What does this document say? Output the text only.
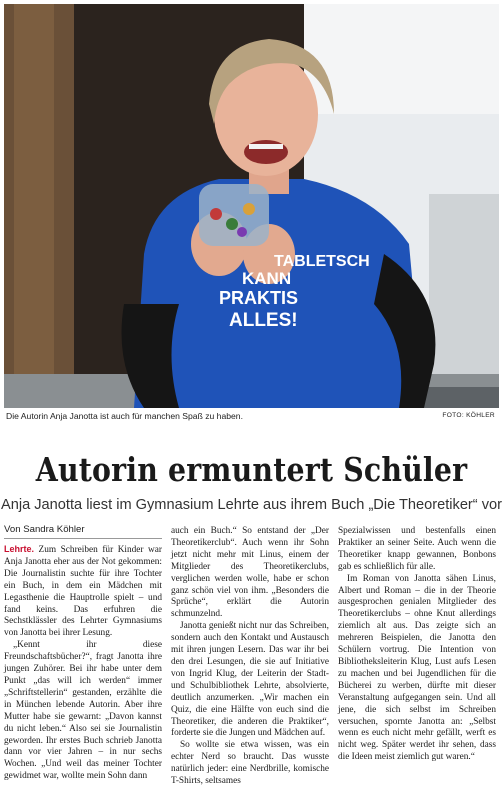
TABLETSCH
KANN
PRAKTIS
ALLES!
Die Autorin Anja Janotta ist auch für manchen Spaß zu haben.	FOTO: KÖHLER
Autorin ermuntert Schüler
Anja Janotta liest im Gymnasium Lehrte aus ihrem Buch „Die Theoretiker“ vor
Von Sandra Köhler

Lehrte. Zum Schreiben für Kinder war Anja Janotta eher aus der Not gekommen: Die Journalistin suchte für ihre Tochter ein Buch, in dem ein Mädchen mit Legasthenie die Hauptrolle spielt – und fand keins. Das erfuhren die Sechstklässler des Lehrter Gymnasiums von Janotta bei ihrer Lesung.

„Kennt ihr diese Freundschaftsbücher?“, fragt Janotta ihre jungen Zuhörer. Bei ihr habe unter dem Punkt „das will ich werden“ immer „Schriftstellerin“ gestanden, erzählte die in München lebende Autorin. Aber ihre Mutter habe sie gewarnt: „Davon kannst du nicht leben.“ Also sei sie Journalistin geworden. Ihr erstes Buch schrieb Janotta dann vor vier Jahren – in nur sechs Wochen. „Und weil das meiner Tochter gewidmet war, wollte mein Sohn dann

auch ein Buch.“ So entstand der „Der Theoretikerclub“. Auch wenn ihr Sohn jetzt nicht mehr mit Linus, einem der Mitglieder des Theoretikerclubs, verglichen werden wolle, habe er schon ganz schön viel von ihm. „Besonders die Sprüche“, erklärt die Autorin schmunzelnd.

Janotta genießt nicht nur das Schreiben, sondern auch den Kontakt und Austausch mit ihren jungen Lesern. Das war ihr bei den drei Lesungen, die sie auf Initiative von Ingrid Klug, der Leiterin der Stadt- und Schulbibliothek Lehrte, absolvierte, deutlich anzumerken. „Wir machen ein Quiz, die eine Hälfte von euch sind die Theoretiker, die anderen die Praktiker“, forderte sie die Jungen und Mädchen auf.

So wollte sie etwa wissen, was ein echter Nerd so braucht. Das wusste natürlich jeder: eine Nerdbrille, komische T-Shirts, seltsames

Spezialwissen und bestenfalls einen Praktiker an seiner Seite. Auch wenn die Theoretiker knapp gewannen, Bonbons gab es schließlich für alle.

Im Roman von Janotta sähen Linus, Albert und Roman – die in der Theorie ausgesprochen genialen Mitglieder des Theoretikerclubs – ohne Knut allerdings ziemlich alt aus. Das zeigte sich an mehreren Beispielen, die Janotta den Schülern vortrug. Die Intention von Bibliotheksleiterin Klug, Lust aufs Lesen zu machen und bei Jugendlichen für die Bücherei zu werben, dürfte mit dieser Veranstaltung aufgegangen sein. Und all jene, die sich selbst im Schreiben versuchen, spornte Janotta an: „Selbst wenn es euch nicht mehr gefällt, werft es nicht weg. Später werdet ihr sehen, dass die Ideen meist ziemlich gut waren.“
